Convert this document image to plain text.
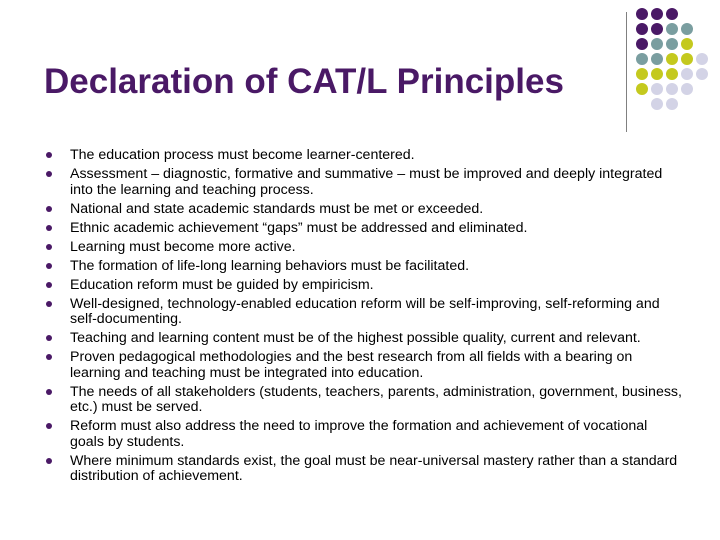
Declaration of CAT/L Principles
The education process must become learner-centered.
Assessment – diagnostic, formative and summative – must be improved and deeply integrated into the learning and teaching process.
National and state academic standards must be met or exceeded.
Ethnic academic achievement “gaps” must be addressed and eliminated.
Learning must become more active.
The formation of life-long learning behaviors must be facilitated.
Education reform must be guided by empiricism.
Well-designed, technology-enabled education reform will be self-improving, self-reforming and self-documenting.
Teaching and learning content must be of the highest possible quality, current and relevant.
Proven pedagogical methodologies and the best research from all fields with a bearing on learning and teaching must be integrated into education.
The needs of all stakeholders (students, teachers, parents, administration, government, business, etc.) must be served.
Reform must also address the need to improve the formation and achievement of vocational goals by students.
Where minimum standards exist, the goal must be near-universal mastery rather than a standard distribution of achievement.
